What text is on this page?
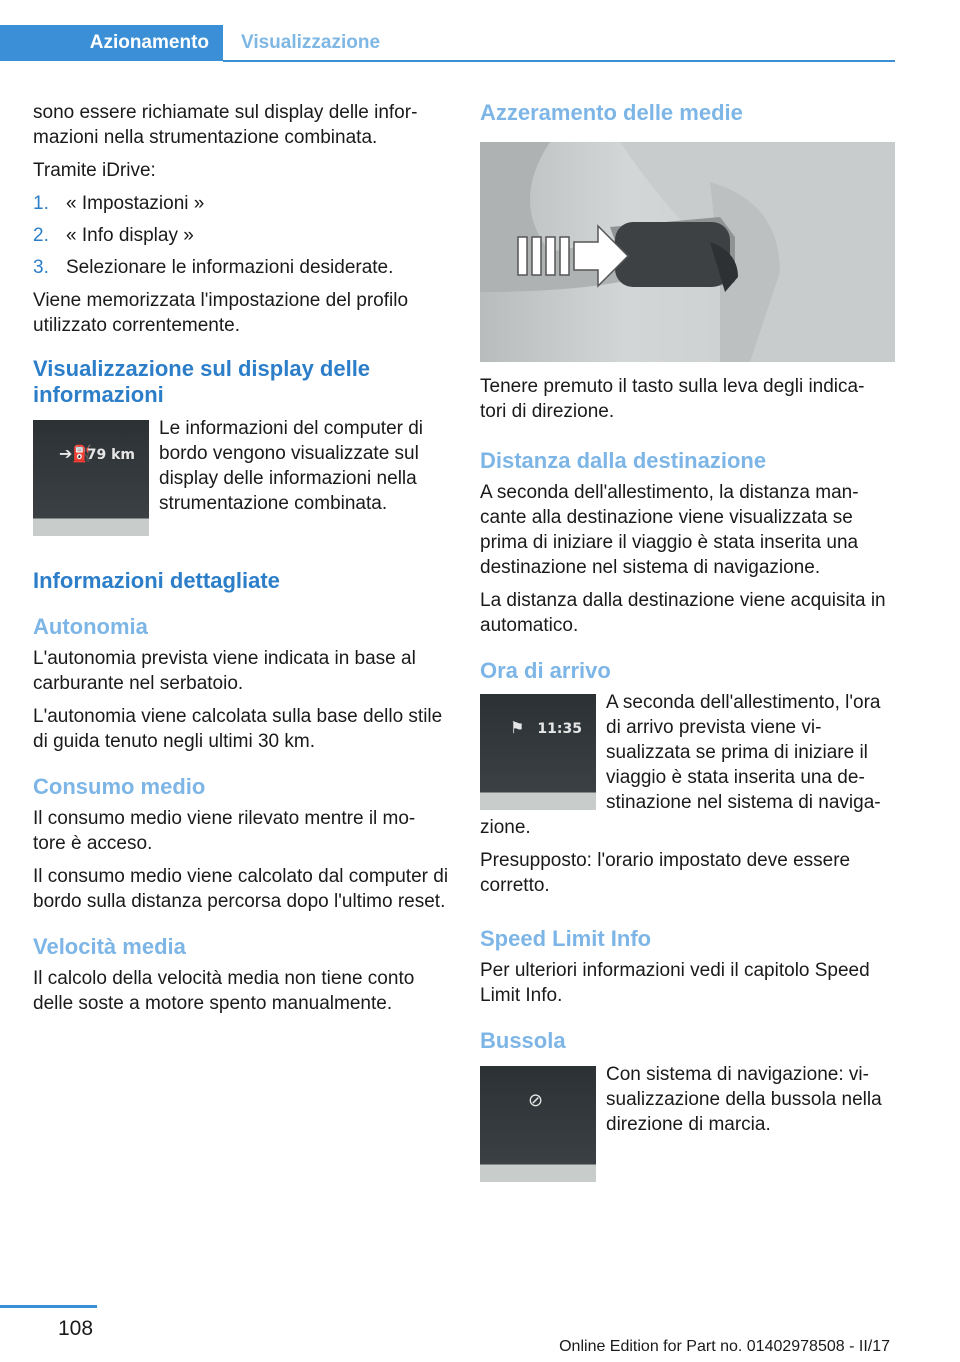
Azionamento	Visualizzazione

sono essere richiamate sul display delle infor‐ mazioni nella strumentazione combinata.

Tramite iDrive:

1. « Impostazioni »
2. « Info display »
3. Selezionare le informazioni desiderate.

Viene memorizzata l'impostazione del profilo utilizzato correntemente.

Visualizzazione sul display delle informazioni
➔⛽
79 km

Le informazioni del computer di bordo vengono visualizzate sul display delle informazioni nella strumentazione combinata.

Informazioni dettagliate
Autonomia

L'autonomia prevista viene indicata in base al carburante nel serbatoio.

L'autonomia viene calcolata sulla base dello stile di guida tenuto negli ultimi 30 km.

Consumo medio

Il consumo medio viene rilevato mentre il mo‐ tore è acceso.

Il consumo medio viene calcolato dal computer di bordo sulla distanza percorsa dopo l'ultimo reset.

Velocità media

Il calcolo della velocità media non tiene conto delle soste a motore spento manualmente.

Azzeramento delle medie

Tenere premuto il tasto sulla leva degli indica‐ tori di direzione.

Distanza dalla destinazione

A seconda dell'allestimento, la distanza man‐ cante alla destinazione viene visualizzata se prima di iniziare il viaggio è stata inserita una destinazione nel sistema di navigazione.

La distanza dalla destinazione viene acquisita in automatico.

Ora di arrivo
⚑ 11:35

A seconda dell'allestimento, l'ora di arrivo prevista viene vi‐ sualizzata se prima di iniziare il viaggio è stata inserita una de‐ stinazione nel sistema di naviga‐ zione.

Presupposto: l'orario impostato deve essere corretto.

Speed Limit Info

Per ulteriori informazioni vedi il capitolo Speed Limit Info.

Bussola
⊘

Con sistema di navigazione: vi‐ sualizzazione della bussola nella direzione di marcia.

108
Online Edition for Part no. 01402978508 - II/17
